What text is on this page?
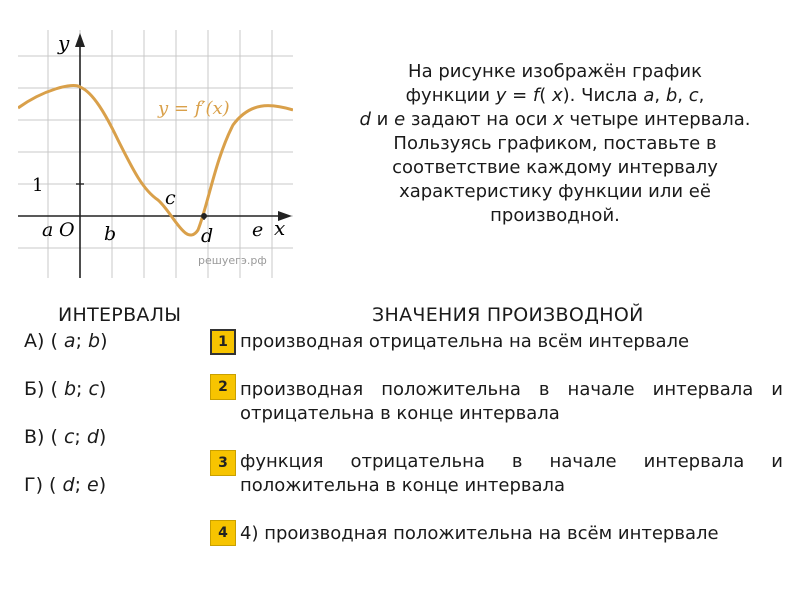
y
x
O
1
y = f′(x)
a	b
c
d e
решуегэ.рф
На рисунке изображён график
функции y = f( x). Числа a, b, c,
d и e задают на оси x четыре интервала.
Пользуясь графиком, поставьте в
соответствие каждому интервалу
характеристику функции или её
производной.
ИНТЕРВАЛЫ	ЗНАЧЕНИЯ ПРОИЗВОДНОЙ
А) ( a; b)
Б) ( b; c)
В) ( c; d)
Г) ( d; e)
1 производная отрицательна на всём интервале
2 производная положительна в начале интервала и
отрицательна в конце интервала
3 функция отрицательна в начале интервала и
положительна в конце интервала
4 4) производная положительна на всём интервале
